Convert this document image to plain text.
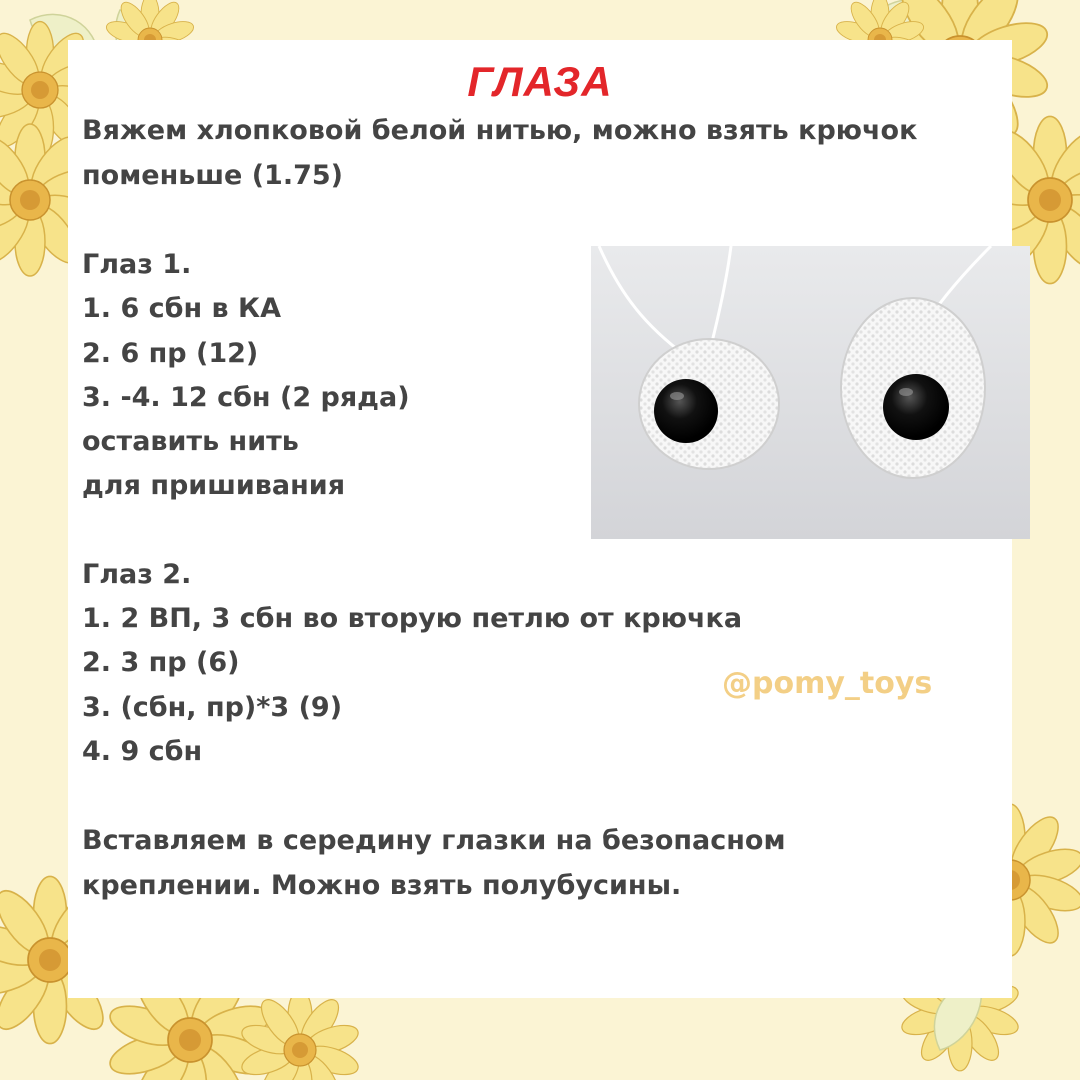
ГЛАЗА
Вяжем хлопковой белой нитью, можно взять крючок
поменьше (1.75)
Глаз 1.
1. 6 сбн в КА
2. 6 пр (12)
3. -4. 12 сбн (2 ряда)
оставить нить
для пришивания
Глаз 2.
1. 2 ВП, 3 сбн во вторую петлю от крючка
2. 3 пр (6)
3. (сбн, пр)*3 (9)
4. 9 сбн
@pomy_toys
Вставляем в середину глазки на безопасном
креплении. Можно взять полубусины.
